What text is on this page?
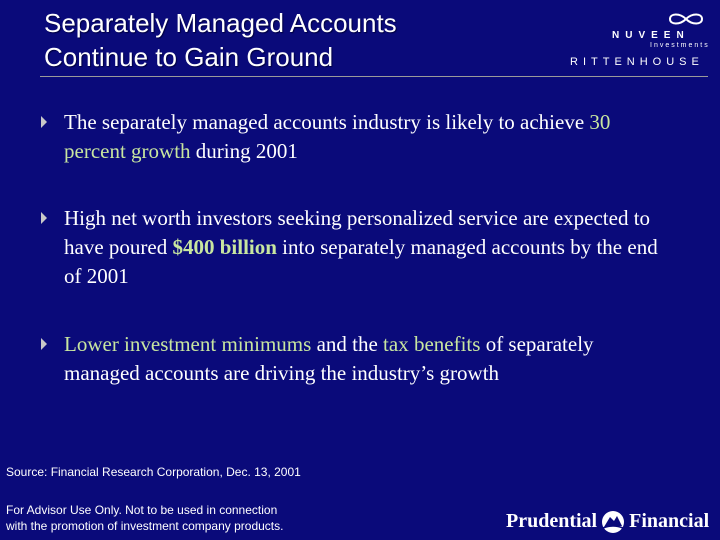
Separately Managed Accounts
Continue to Gain Ground
NUVEEN
Investments
RITTENHOUSE
The separately managed accounts industry is likely to achieve 30 percent growth during 2001
High net worth investors seeking personalized service are expected to have poured $400 billion into separately managed accounts by the end of 2001
Lower investment minimums and the tax benefits of separately managed accounts are driving the industry’s growth
Source: Financial Research Corporation, Dec. 13, 2001
For Advisor Use Only. Not to be used in connection
with the promotion of investment company products.	Prudential Financial
